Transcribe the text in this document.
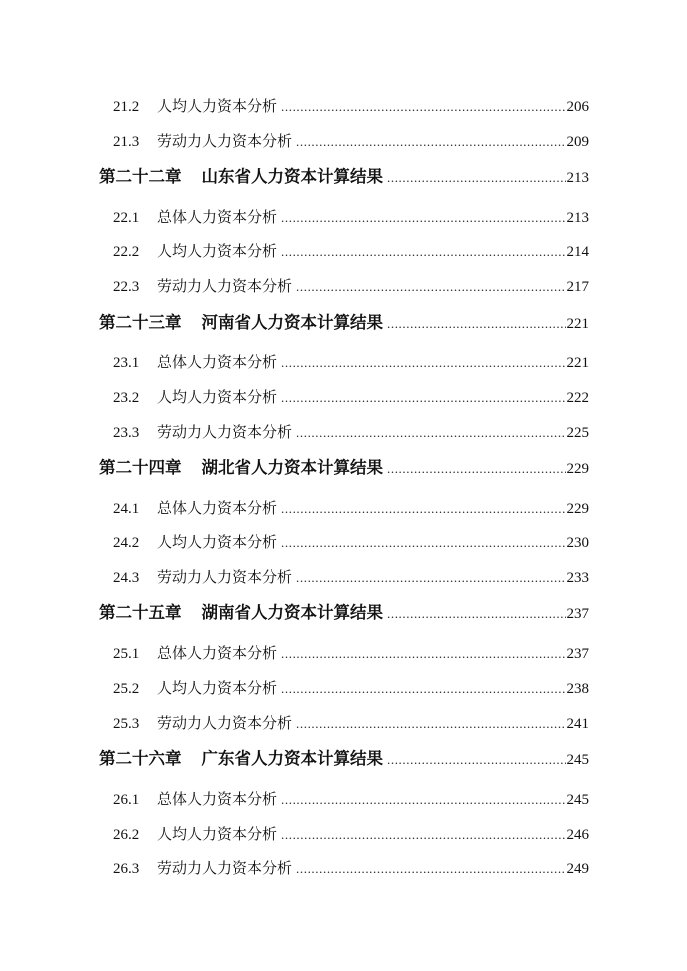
21.2	人均人力资本分析 .....	206
21.3	劳动力人力资本分析 .....	209
第二十二章 山东省人力资本计算结果 .....	213
22.1	总体人力资本分析 .....	213
22.2	人均人力资本分析 .....	214
22.3	劳动力人力资本分析 .....	217
第二十三章 河南省人力资本计算结果 .....	221
23.1	总体人力资本分析 .....	221
23.2	人均人力资本分析 .....	222
23.3	劳动力人力资本分析 .....	225
第二十四章 湖北省人力资本计算结果 .....	229
24.1	总体人力资本分析 .....	229
24.2	人均人力资本分析 .....	230
24.3	劳动力人力资本分析 .....	233
第二十五章 湖南省人力资本计算结果 .....	237
25.1	总体人力资本分析 .....	237
25.2	人均人力资本分析 .....	238
25.3	劳动力人力资本分析 .....	241
第二十六章 广东省人力资本计算结果 .....	245
26.1	总体人力资本分析 .....	245
26.2	人均人力资本分析 .....	246
26.3	劳动力人力资本分析 .....	249
